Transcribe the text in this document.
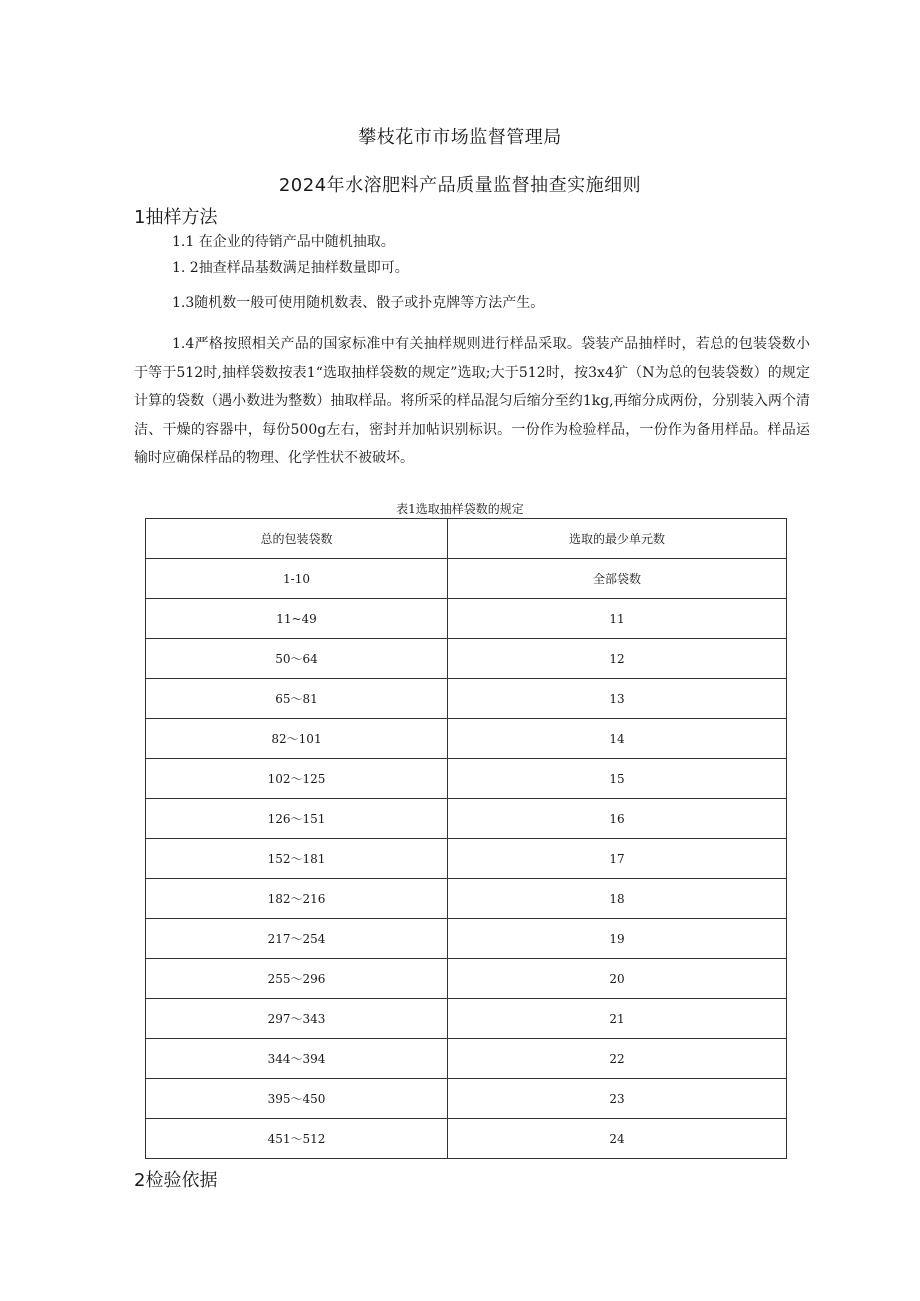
攀枝花市市场监督管理局
2024年水溶肥料产品质量监督抽查实施细则
1抽样方法
1.1 在企业的待销产品中随机抽取。
1. 2抽查样品基数满足抽样数量即可。
1.3随机数一般可使用随机数表、骰子或扑克牌等方法产生。
1.4严格按照相关产品的国家标准中有关抽样规则进行样品采取。袋装产品抽样时，若总的包装袋数小于等于512时,抽样袋数按表1“选取抽样袋数的规定”选取;大于512时，按3x4犷（N为总的包装袋数）的规定计算的袋数（遇小数进为整数）抽取样品。将所采的样品混匀后缩分至约1kg,再缩分成两份，分别装入两个清洁、干燥的容器中，每份500g左右，密封并加帖识别标识。一份作为检验样品，一份作为备用样品。样品运输时应确保样品的物理、化学性状不被破坏。
表1选取抽样袋数的规定
总的包装袋数	选取的最少单元数
1-10	全部袋数
11~49	11
50～64	12
65～81	13
82～101	14
102～125	15
126～151	16
152～181	17
182～216	18
217～254	19
255～296	20
297～343	21
344～394	22
395～450	23
451～512	24
2检验依据
